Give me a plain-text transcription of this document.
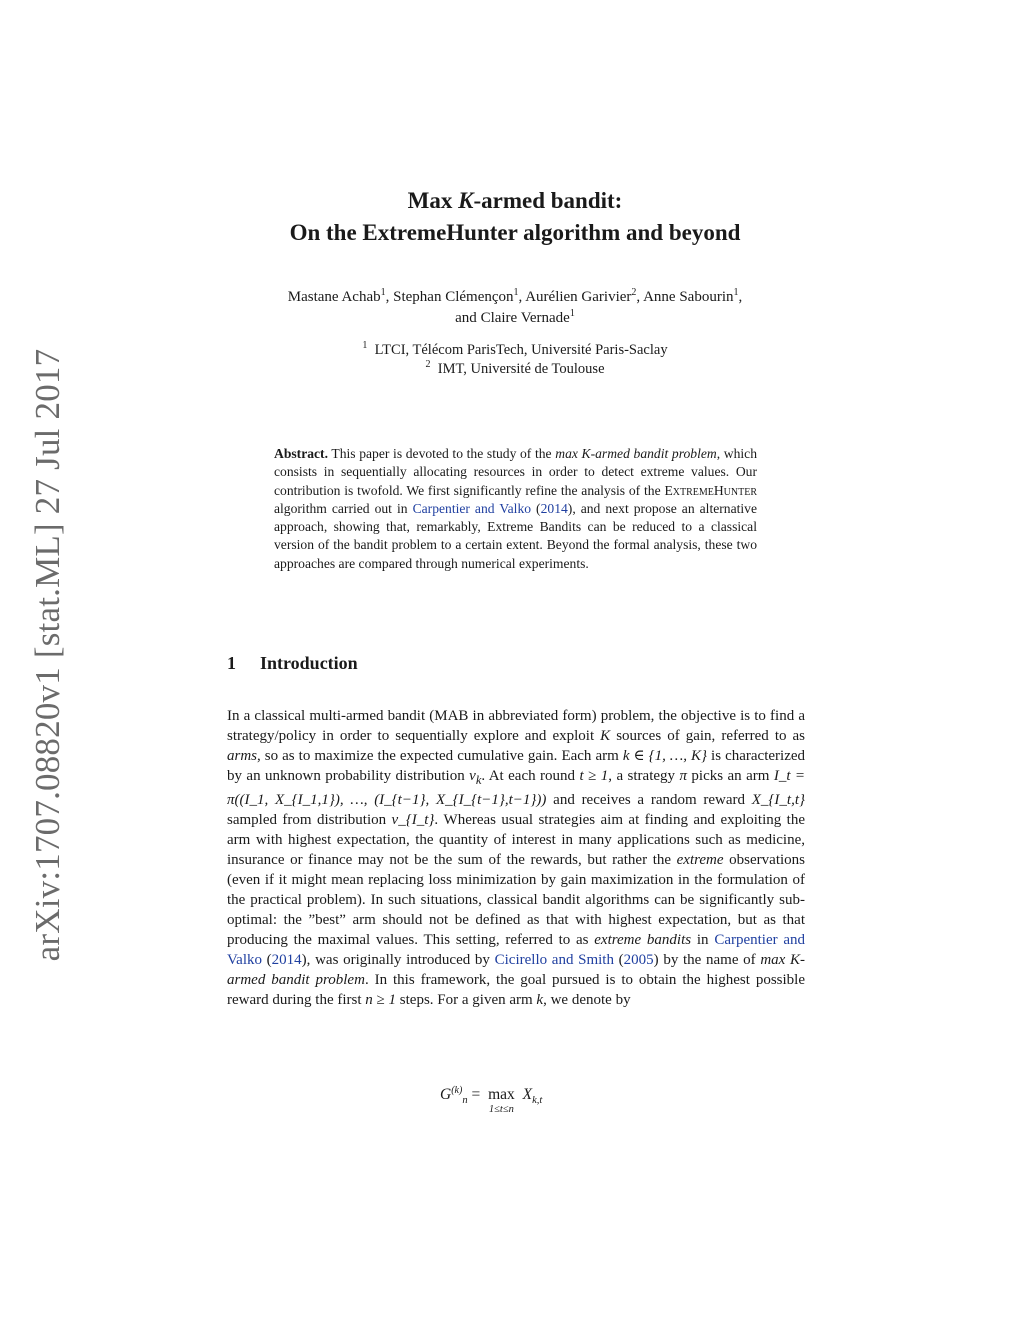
arXiv:1707.08820v1 [stat.ML] 27 Jul 2017
Max K-armed bandit:
On the ExtremeHunter algorithm and beyond
Mastane Achab$^1$, Stephan Clémençon$^1$, Aurélien Garivier$^2$, Anne Sabourin$^1$,
and Claire Vernade$^1$
$^1$ LTCI, Télécom ParisTech, Université Paris-Saclay
$^2$ IMT, Université de Toulouse
Abstract. This paper is devoted to the study of the max K-armed bandit problem, which consists in sequentially allocating resources in order to detect extreme values. Our contribution is twofold. We first significantly refine the analysis of the ExtremeHunter algorithm carried out in Carpentier and Valko (2014), and next propose an alternative approach, showing that, remarkably, Extreme Bandits can be reduced to a classical version of the bandit problem to a certain extent. Beyond the formal analysis, these two approaches are compared through numerical experiments.
1 Introduction
In a classical multi-armed bandit (MAB in abbreviated form) problem, the objective is to find a strategy/policy in order to sequentially explore and exploit K sources of gain, referred to as arms, so as to maximize the expected cumulative gain. Each arm k ∈ {1, …, K} is characterized by an unknown probability distribution $\nu_k$. At each round t ≥ 1, a strategy π picks an arm I_t = π((I_1, X_{I_1,1}), …, (I_{t−1}, X_{I_{t−1},t−1})) and receives a random reward X_{I_t,t} sampled from distribution ν_{I_t}. Whereas usual strategies aim at finding and exploiting the arm with highest expectation, the quantity of interest in many applications such as medicine, insurance or finance may not be the sum of the rewards, but rather the extreme observations (even if it might mean replacing loss minimization by gain maximization in the formulation of the practical problem). In such situations, classical bandit algorithms can be significantly sub-optimal: the ”best” arm should not be defined as that with highest expectation, but as that producing the maximal values. This setting, referred to as extreme bandits in Carpentier and Valko (2014), was originally introduced by Cicirello and Smith (2005) by the name of max K-armed bandit problem. In this framework, the goal pursued is to obtain the highest possible reward during the first n ≥ 1 steps. For a given arm k, we denote by
$G^{(k)}_n = \max$
1≤t≤n
$X_{k,t}$
